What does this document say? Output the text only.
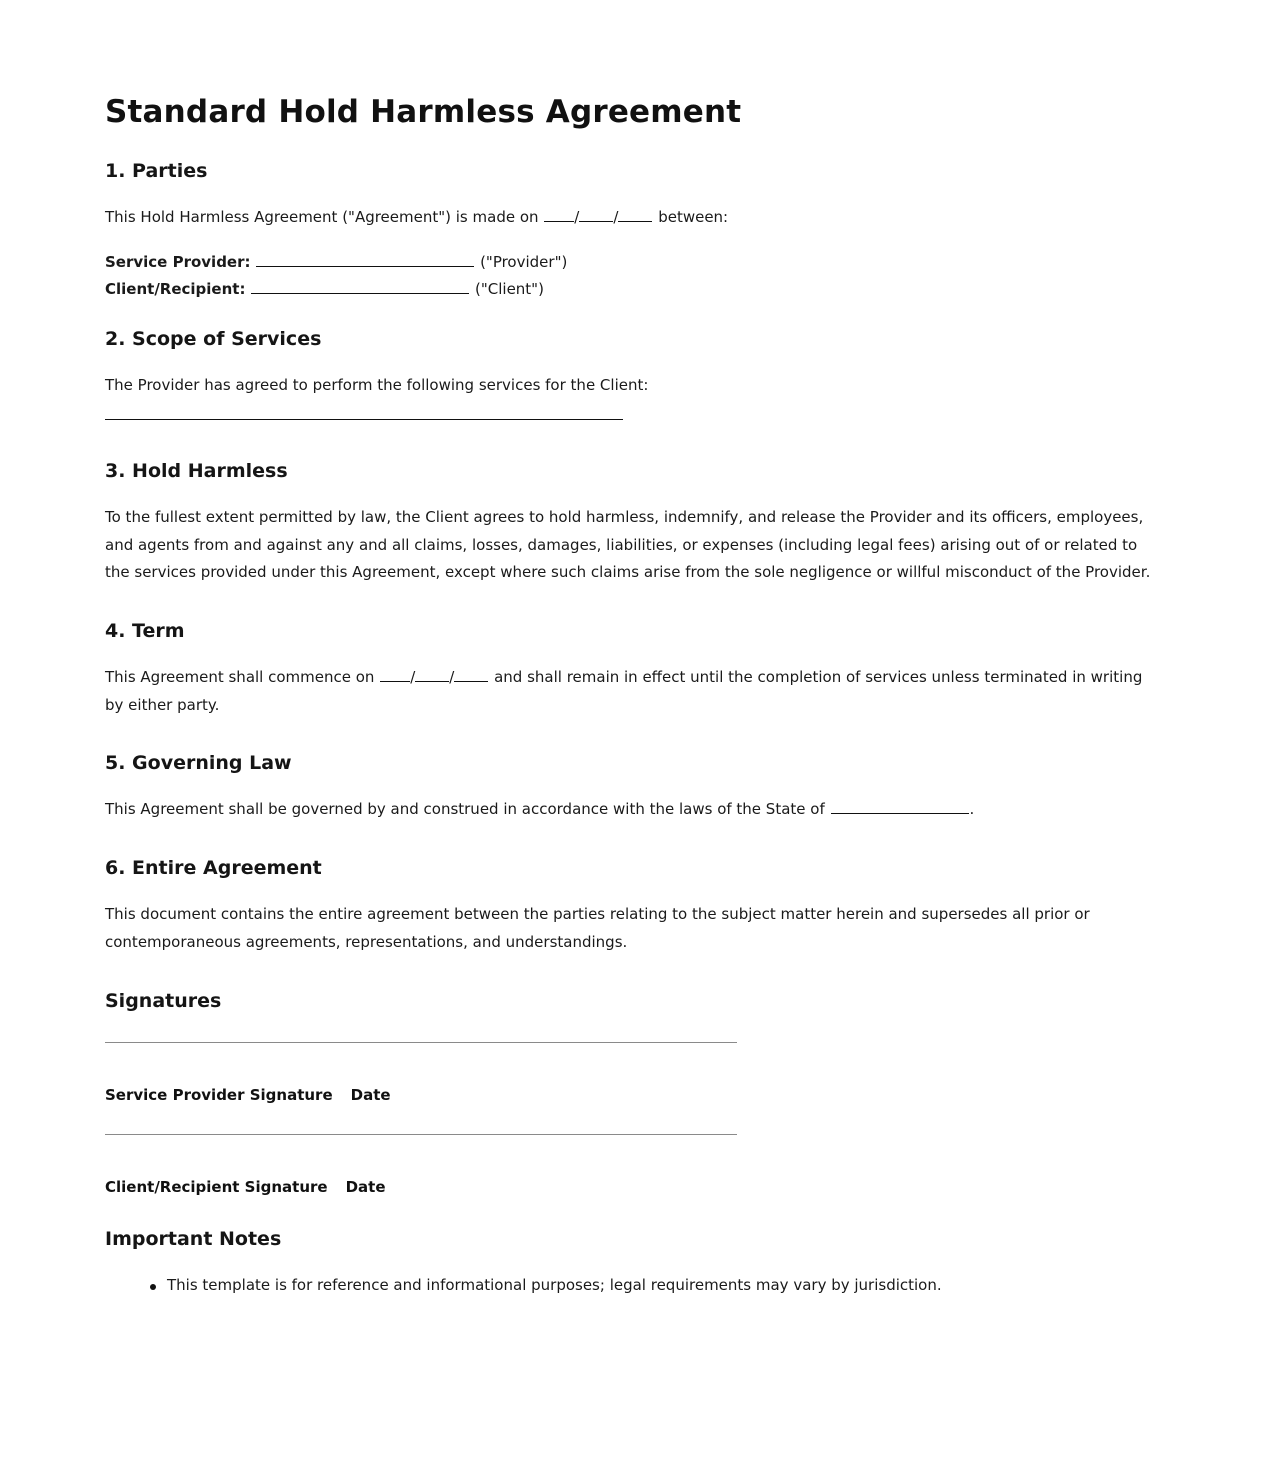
Standard Hold Harmless Agreement
1. Parties
This Hold Harmless Agreement ("Agreement") is made on / / between:
Service Provider:	("Provider")
Client/Recipient:	("Client")
2. Scope of Services
The Provider has agreed to perform the following services for the Client:
3. Hold Harmless
To the fullest extent permitted by law, the Client agrees to hold harmless, indemnify, and release the Provider and its officers, employees, and agents from and against any and all claims, losses, damages, liabilities, or expenses (including legal fees) arising out of or related to the services provided under this Agreement, except where such claims arise from the sole negligence or willful misconduct of the Provider.
4. Term
This Agreement shall commence on / / and shall remain in effect until the completion of services unless terminated in writing by either party.
5. Governing Law
This Agreement shall be governed by and construed in accordance with the laws of the State of	.
6. Entire Agreement
This document contains the entire agreement between the parties relating to the subject matter herein and supersedes all prior or contemporaneous agreements, representations, and understandings.
Signatures
Service Provider Signature Date
Client/Recipient Signature Date
Important Notes
This template is for reference and informational purposes; legal requirements may vary by jurisdiction.
